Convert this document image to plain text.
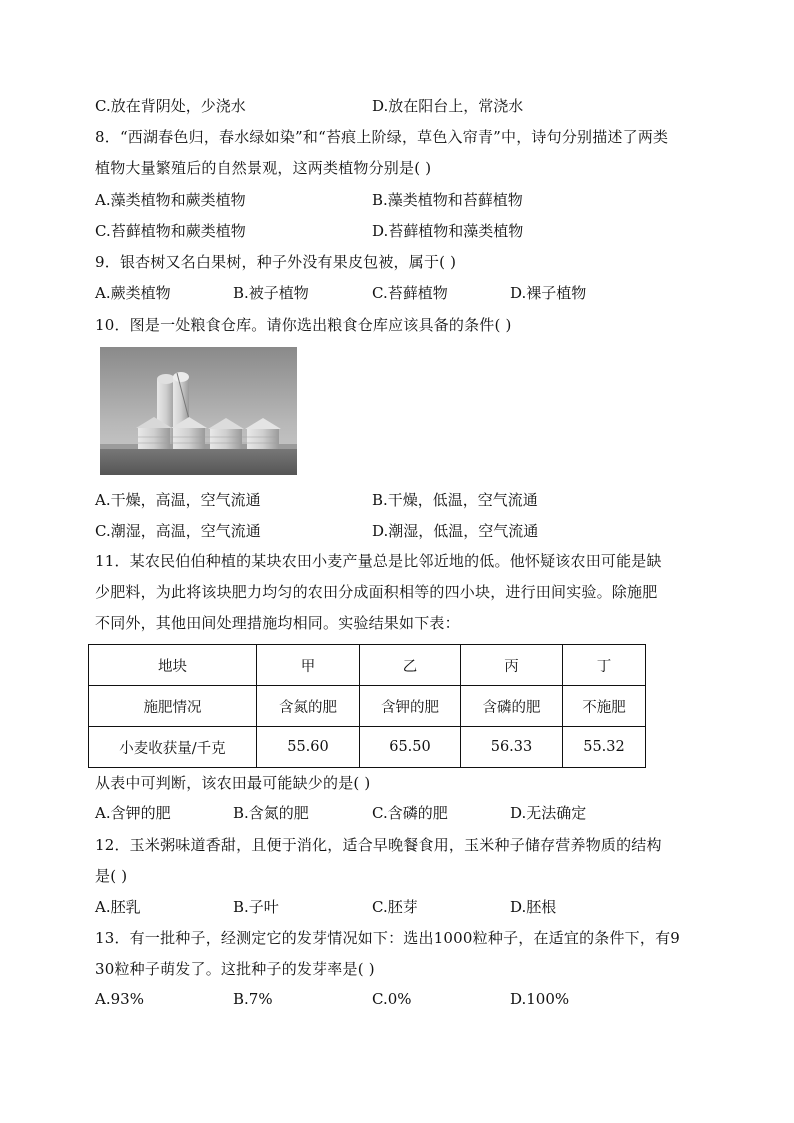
C.放在背阴处，少浇水	D.放在阳台上，常浇水
8．“西湖春色归，春水绿如染”和“苔痕上阶绿，草色入帘青”中，诗句分别描述了两类
植物大量繁殖后的自然景观，这两类植物分别是( )
A.藻类植物和蕨类植物	B.藻类植物和苔藓植物
C.苔藓植物和蕨类植物	D.苔藓植物和藻类植物
9．银杏树又名白果树，种子外没有果皮包被，属于( )
A.蕨类植物	B.被子植物	C.苔藓植物	D.裸子植物
10．图是一处粮食仓库。请你选出粮食仓库应该具备的条件( )
A.干燥，高温，空气流通	B.干燥，低温，空气流通
C.潮湿，高温，空气流通	D.潮湿，低温，空气流通
11．某农民伯伯种植的某块农田小麦产量总是比邻近地的低。他怀疑该农田可能是缺
少肥料，为此将该块肥力均匀的农田分成面积相等的四小块，进行田间实验。除施肥
不同外，其他田间处理措施均相同。实验结果如下表：
地块	甲	乙	丙	丁
施肥情况	含氮的肥	含钾的肥	含磷的肥	不施肥
小麦收获量/千克	55.60	65.50	56.33	55.32
从表中可判断，该农田最可能缺少的是( )
A.含钾的肥	B.含氮的肥	C.含磷的肥	D.无法确定
12．玉米粥味道香甜，且便于消化，适合早晚餐食用，玉米种子储存营养物质的结构
是( )
A.胚乳	B.子叶	C.胚芽	D.胚根
13．有一批种子，经测定它的发芽情况如下：选出1000粒种子，在适宜的条件下，有9
30粒种子萌发了。这批种子的发芽率是( )
A.93%	B.7%	C.0%	D.100%
